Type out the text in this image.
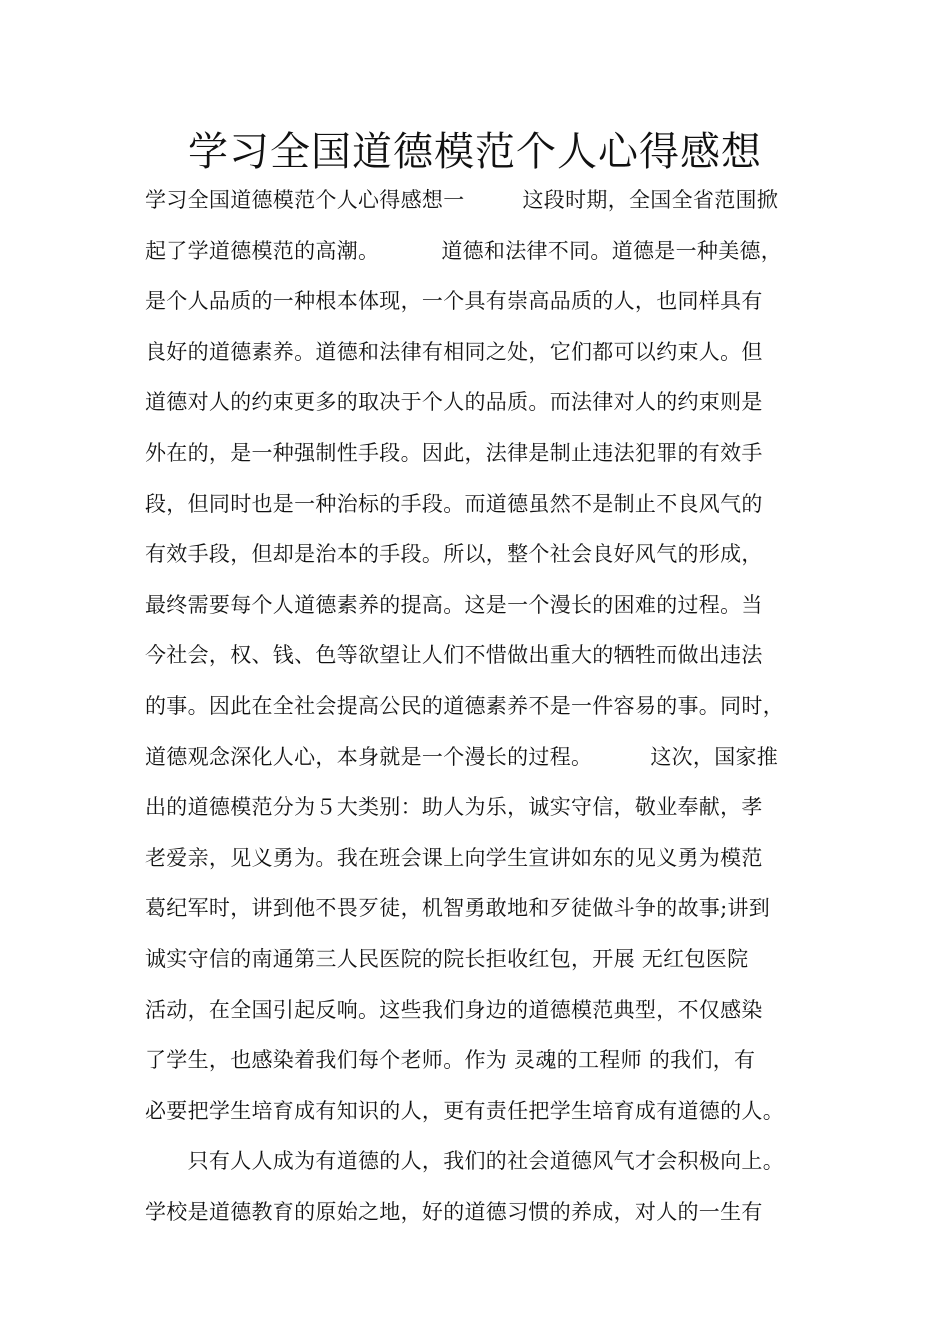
学习全国道德模范个人心得感想
学习全国道德模范个人心得感想一	这段时期，全国全省范围掀
起了学道德模范的高潮。	道德和法律不同。道德是一种美德，
是个人品质的一种根本体现，一个具有崇高品质的人，也同样具有
良好的道德素养。道德和法律有相同之处，它们都可以约束人。但
道德对人的约束更多的取决于个人的品质。而法律对人的约束则是
外在的，是一种强制性手段。因此，法律是制止违法犯罪的有效手
段，但同时也是一种治标的手段。而道德虽然不是制止不良风气的
有效手段，但却是治本的手段。所以，整个社会良好风气的形成，
最终需要每个人道德素养的提高。这是一个漫长的困难的过程。当
今社会，权、钱、色等欲望让人们不惜做出重大的牺牲而做出违法
的事。因此在全社会提高公民的道德素养不是一件容易的事。同时，
道德观念深化人心，本身就是一个漫长的过程。	这次，国家推
出的道德模范分为５大类别：助人为乐，诚实守信，敬业奉献，孝
老爱亲，见义勇为。我在班会课上向学生宣讲如东的见义勇为模范
葛纪军时，讲到他不畏歹徒，机智勇敢地和歹徒做斗争的故事;讲到
诚实守信的南通第三人民医院的院长拒收红包，开展 无红包医院
活动，在全国引起反响。这些我们身边的道德模范典型，不仅感染
了学生，也感染着我们每个老师。作为 灵魂的工程师 的我们，有
必要把学生培育成有知识的人，更有责任把学生培育成有道德的人。
　　只有人人成为有道德的人，我们的社会道德风气才会积极向上。
学校是道德教育的原始之地，好的道德习惯的养成，对人的一生有
